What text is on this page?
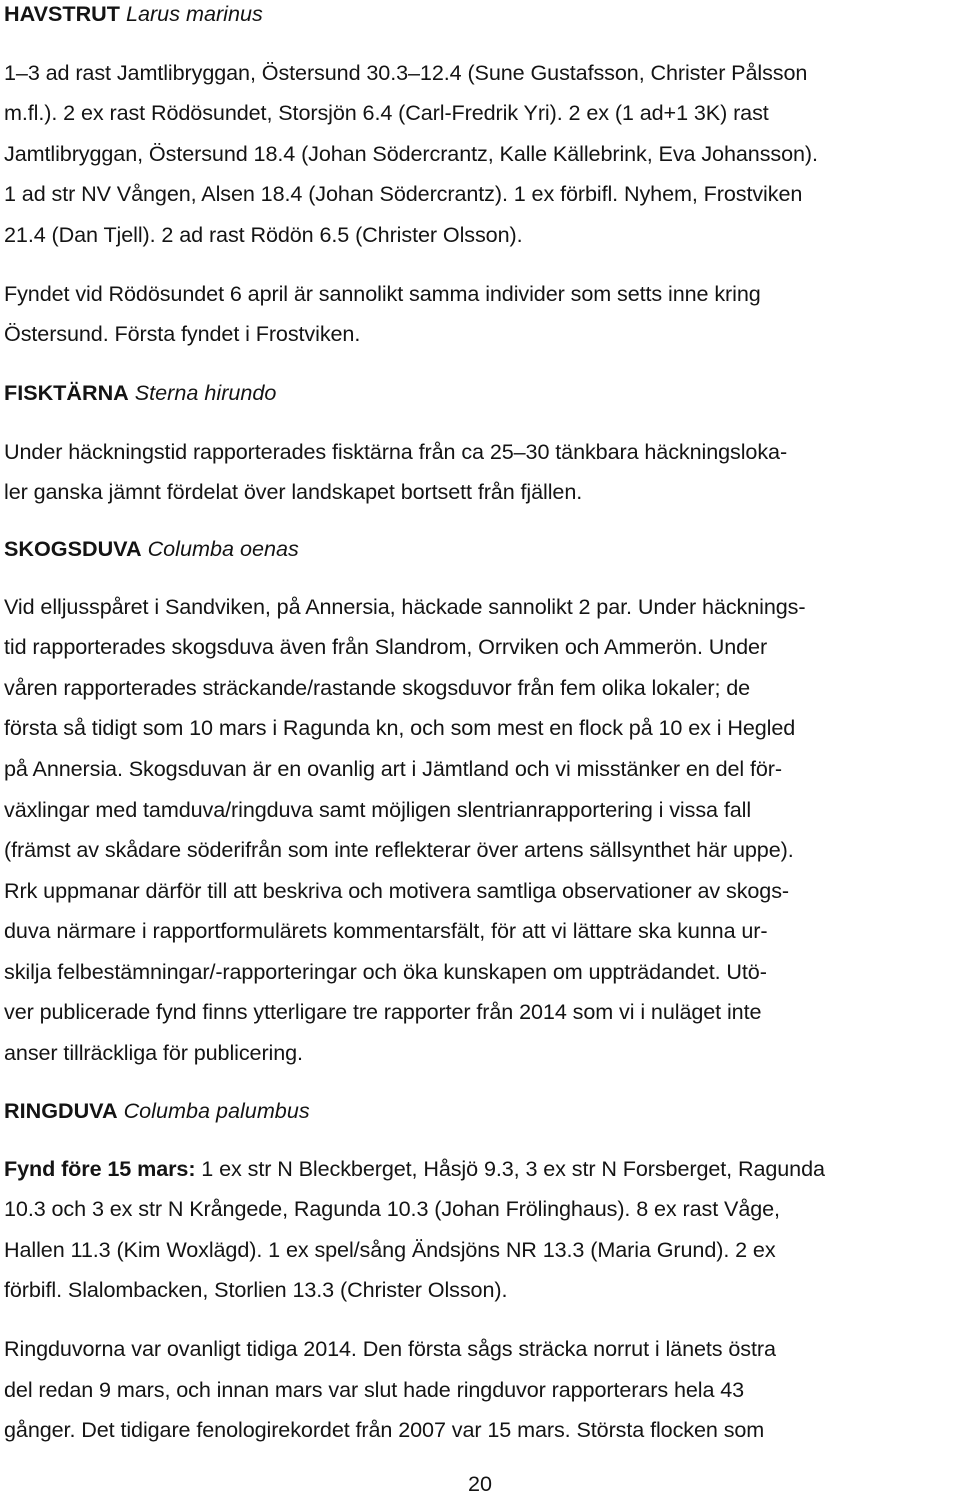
HAVSTRUT Larus marinus
1–3 ad rast Jamtlibryggan, Östersund 30.3–12.4 (Sune Gustafsson, Christer Pålsson
m.fl.). 2 ex rast Rödösundet, Storsjön 6.4 (Carl-Fredrik Yri). 2 ex (1 ad+1 3K) rast
Jamtlibryggan, Östersund 18.4 (Johan Södercrantz, Kalle Källebrink, Eva Johansson).
1 ad str NV Vången, Alsen 18.4 (Johan Södercrantz). 1 ex förbifl. Nyhem, Frostviken
21.4 (Dan Tjell). 2 ad rast Rödön 6.5 (Christer Olsson).
Fyndet vid Rödösundet 6 april är sannolikt samma individer som setts inne kring
Östersund. Första fyndet i Frostviken.
FISKTÄRNA Sterna hirundo
Under häckningstid rapporterades fisktärna från ca 25–30 tänkbara häckningsloka-
ler ganska jämnt fördelat över landskapet bortsett från fjällen.
SKOGSDUVA Columba oenas
Vid elljusspåret i Sandviken, på Annersia, häckade sannolikt 2 par. Under häcknings-
tid rapporterades skogsduva även från Slandrom, Orrviken och Ammerön. Under
våren rapporterades sträckande/rastande skogsduvor från fem olika lokaler; de
första så tidigt som 10 mars i Ragunda kn, och som mest en flock på 10 ex i Hegled
på Annersia. Skogsduvan är en ovanlig art i Jämtland och vi misstänker en del för-
växlingar med tamduva/ringduva samt möjligen slentrianrapportering i vissa fall
(främst av skådare söderifrån som inte reflekterar över artens sällsynthet här uppe).
Rrk uppmanar därför till att beskriva och motivera samtliga observationer av skogs-
duva närmare i rapportformulärets kommentarsfält, för att vi lättare ska kunna ur-
skilja felbestämningar/-rapporteringar och öka kunskapen om uppträdandet. Utö-
ver publicerade fynd finns ytterligare tre rapporter från 2014 som vi i nuläget inte
anser tillräckliga för publicering.
RINGDUVA Columba palumbus
Fynd före 15 mars: 1 ex str N Bleckberget, Håsjö 9.3, 3 ex str N Forsberget, Ragunda
10.3 och 3 ex str N Krångede, Ragunda 10.3 (Johan Frölinghaus). 8 ex rast Våge,
Hallen 11.3 (Kim Woxlägd). 1 ex spel/sång Ändsjöns NR 13.3 (Maria Grund). 2 ex
förbifl. Slalombacken, Storlien 13.3 (Christer Olsson).
Ringduvorna var ovanligt tidiga 2014. Den första sågs sträcka norrut i länets östra
del redan 9 mars, och innan mars var slut hade ringduvor rapporterars hela 43
gånger. Det tidigare fenologirekordet från 2007 var 15 mars. Största flocken som
20
